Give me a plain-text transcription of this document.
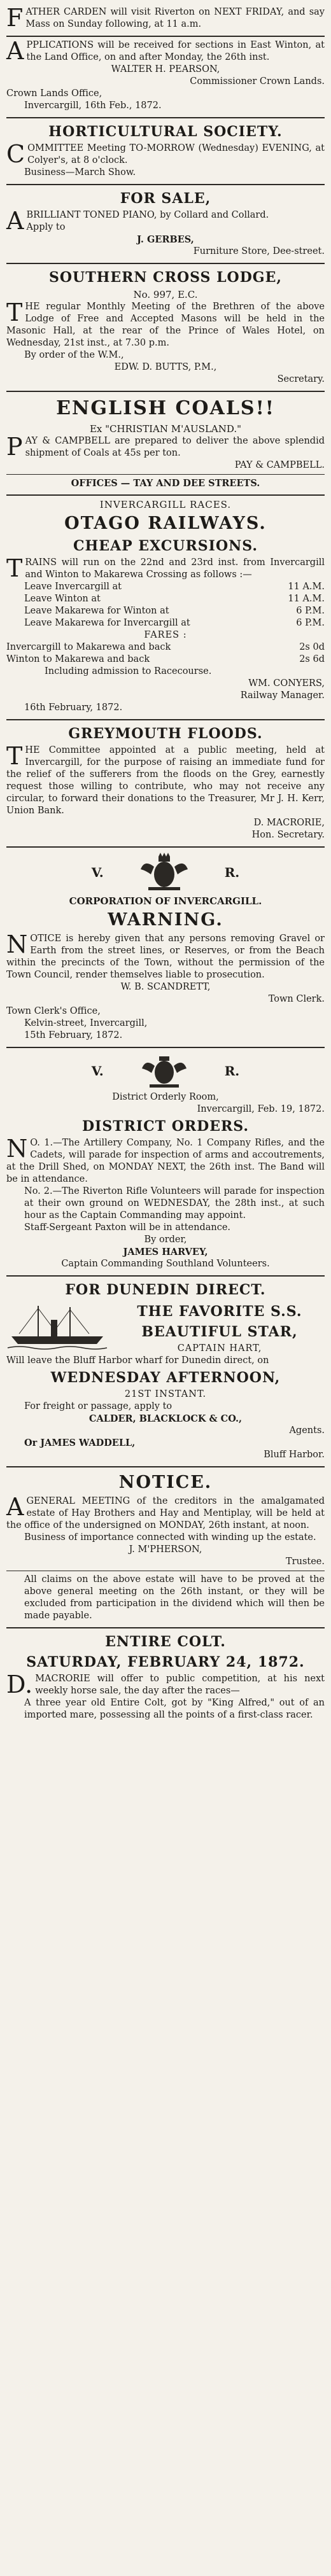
FATHER CARDEN will visit Riverton on NEXT FRIDAY, and say Mass on Sunday following, at 11 a.m.

APPLICATIONS will be received for sections in East Winton, at the Land Office, on and after Monday, the 26th inst.

WALTER H. PEARSON,

Commissioner Crown Lands.

Crown Lands Office,

Invercargill, 16th Feb., 1872.

HORTICULTURAL SOCIETY.

COMMITTEE Meeting TO-MORROW (Wednesday) EVENING, at Colyer's, at 8 o'clock.

Business—March Show.

FOR SALE,

ABRILLIANT TONED PIANO, by Collard and Collard.

Apply to

J. GERBES,

Furniture Store, Dee-street.

SOUTHERN CROSS LODGE,
No. 997, E.C.

THE regular Monthly Meeting of the Brethren of the above Lodge of Free and Accepted Masons will be held in the Masonic Hall, at the rear of the Prince of Wales Hotel, on Wednesday, 21st inst., at 7.30 p.m.

By order of the W.M.,

EDW. D. BUTTS, P.M.,

Secretary.

ENGLISH COALS!!
Ex "CHRISTIAN M'AUSLAND."

PAY & CAMPBELL are prepared to deliver the above splendid shipment of Coals at 45s per ton.

PAY & CAMPBELL.

OFFICES — TAY AND DEE STREETS.

INVERCARGILL RACES.
OTAGO RAILWAYS.
CHEAP EXCURSIONS.

TRAINS will run on the 22nd and 23rd inst. from Invercargill and Winton to Makarewa Crossing as follows :—

Leave Invercargill at	11 A.M.
Leave Winton at	11 A.M.
Leave Makarewa for Winton at	6 P.M.
Leave Makarewa for Invercargill at	6 P.M.

FARES :

Invercargill to Makarewa and back	2s 0d
Winton to Makarewa and back	2s 6d

Including admission to Racecourse.

WM. CONYERS,

Railway Manager.

16th February, 1872.

GREYMOUTH FLOODS.

THE Committee appointed at a public meeting, held at Invercargill, for the purpose of raising an immediate fund for the relief of the sufferers from the floods on the Grey, earnestly request those willing to contribute, who may not receive any circular, to forward their donations to the Treasurer, Mr J. H. Kerr, Union Bank.

D. MACRORIE,

Hon. Secretary.

V.	R.
CORPORATION OF INVERCARGILL.
WARNING.

NOTICE is hereby given that any persons removing Gravel or Earth from the street lines, or Reserves, or from the Beach within the precincts of the Town, without the permission of the Town Council, render themselves liable to prosecution.

W. B. SCANDRETT,

Town Clerk.

Town Clerk's Office,

Kelvin-street, Invercargill,

15th February, 1872.

V.	R.

District Orderly Room,

Invercargill, Feb. 19, 1872.

DISTRICT ORDERS.

NO. 1.—The Artillery Company, No. 1 Company Rifles, and the Cadets, will parade for inspection of arms and accoutrements, at the Drill Shed, on MONDAY NEXT, the 26th inst. The Band will be in attendance.

No. 2.—The Riverton Rifle Volunteers will parade for inspection at their own ground on WEDNESDAY, the 28th inst., at such hour as the Captain Commanding may appoint.

Staff-Sergeant Paxton will be in attendance.

By order,

JAMES HARVEY,

Captain Commanding Southland Volunteers.

FOR DUNEDIN DIRECT.

THE FAVORITE S.S.

BEAUTIFUL STAR,

CAPTAIN HART,

Will leave the Bluff Harbor wharf for Dunedin direct, on

WEDNESDAY AFTERNOON,

21ST INSTANT.

For freight or passage, apply to

CALDER, BLACKLOCK & CO.,

Agents.

Or JAMES WADDELL,

Bluff Harbor.

NOTICE.

AGENERAL MEETING of the creditors in the amalgamated estate of Hay Brothers and Hay and Mentiplay, will be held at the office of the undersigned on MONDAY, 26th instant, at noon.

Business of importance connected with winding up the estate.

J. M'PHERSON,

Trustee.

All claims on the above estate will have to be proved at the above general meeting on the 26th instant, or they will be excluded from participation in the dividend which will then be made payable.

ENTIRE COLT.
SATURDAY, FEBRUARY 24, 1872.

D.MACRORIE will offer to public competition, at his next weekly horse sale, the day after the races—

A three year old Entire Colt, got by "King Alfred," out of an imported mare, possessing all the points of a first-class racer.
